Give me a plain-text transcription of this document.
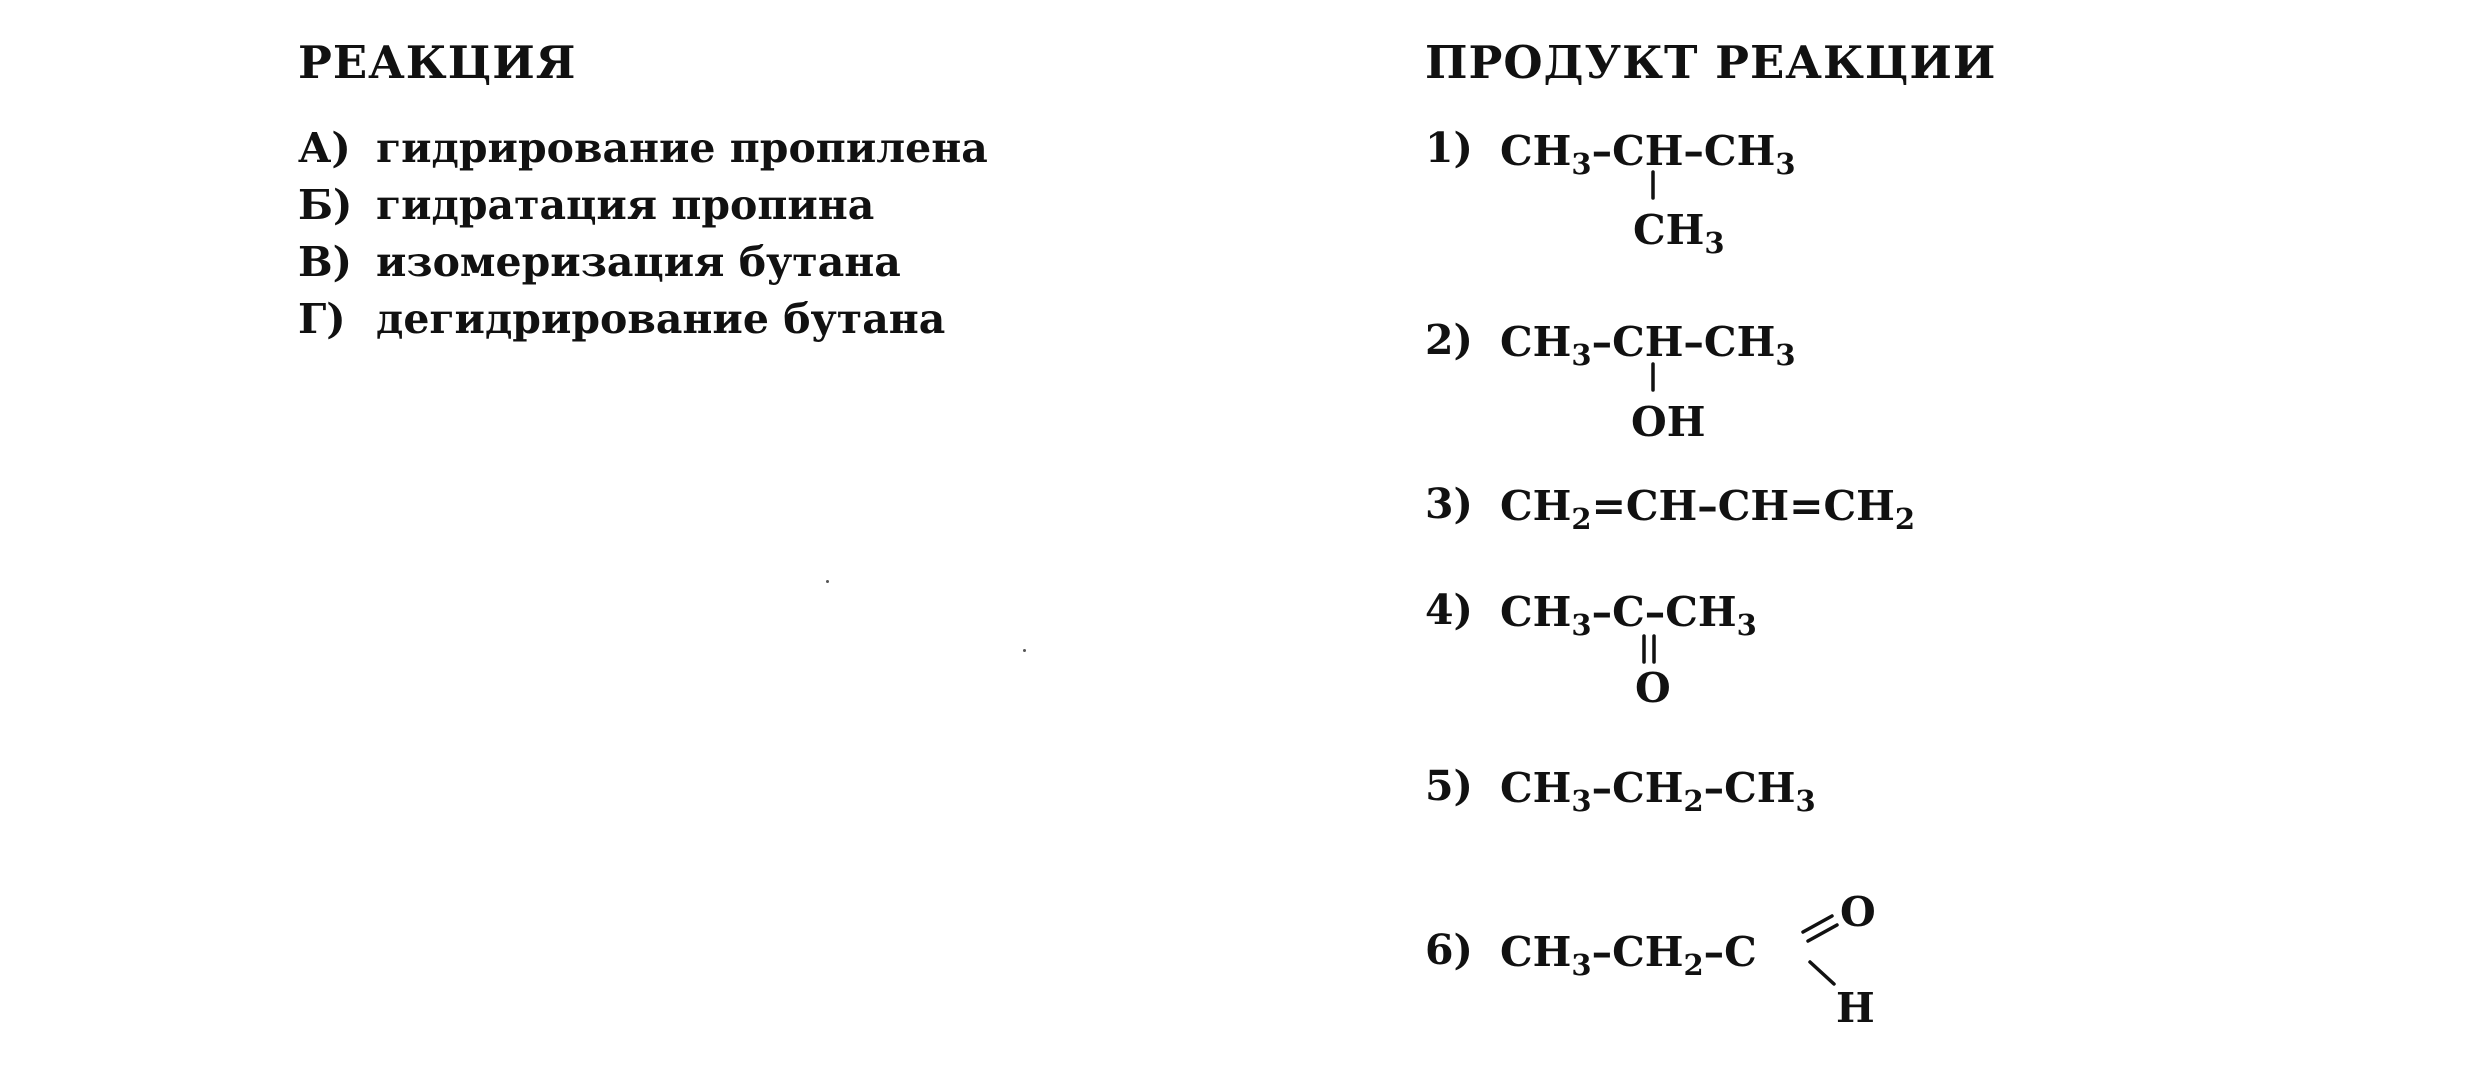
РЕАКЦИЯ
А) гидрирование пропилена
Б) гидратация пропина
В) изомеризация бутана
Г) дегидрирование бутана
ПРОДУКТ РЕАКЦИИ
1)
2)
3)
4)
5)
6)
$CH_3-CH-CH_3$
$CH_3$
$CH_3-CH-CH_3$
OH
$CH_2=CH-CH=CH_2$
$CH_3-C-CH_3$
O
$CH_3-CH_2-CH_3$
$CH_3-CH_2-C$
O
H
